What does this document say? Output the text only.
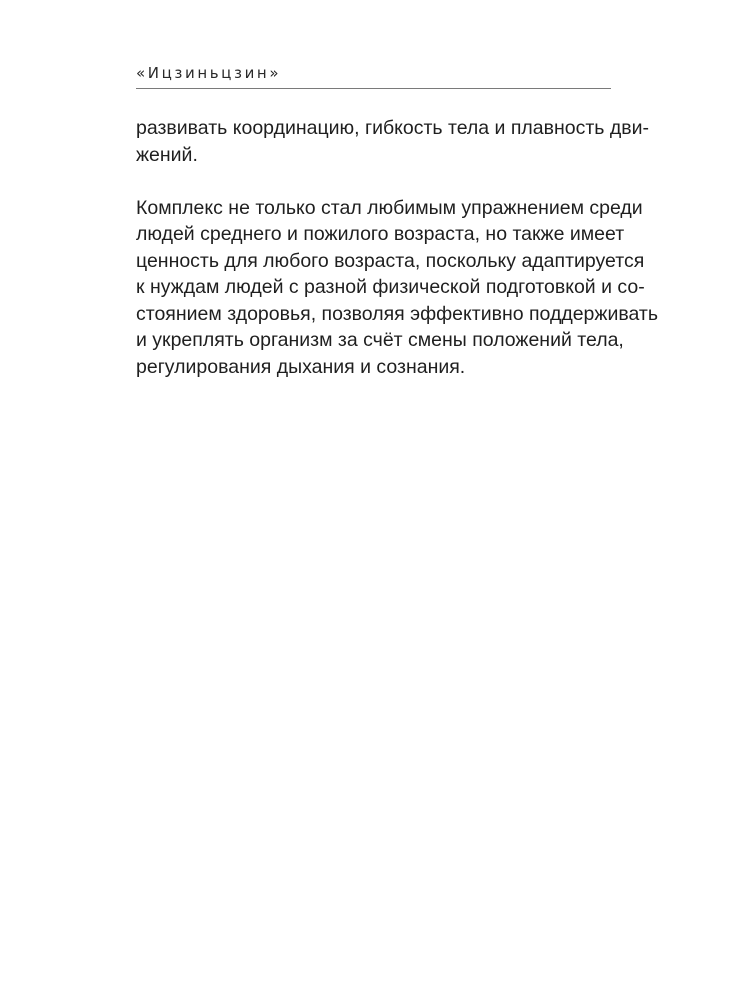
«Ицзиньцзин»

развивать координацию, гибкость тела и плавность дви-
жений.

Комплекс не только стал любимым упражнением среди
людей среднего и пожилого возраста, но также имеет
ценность для любого возраста, поскольку адаптируется
к нуждам людей с разной физической подготовкой и со-
стоянием здоровья, позволяя эффективно поддерживать
и укреплять организм за счёт смены положений тела,
регулирования дыхания и сознания.
